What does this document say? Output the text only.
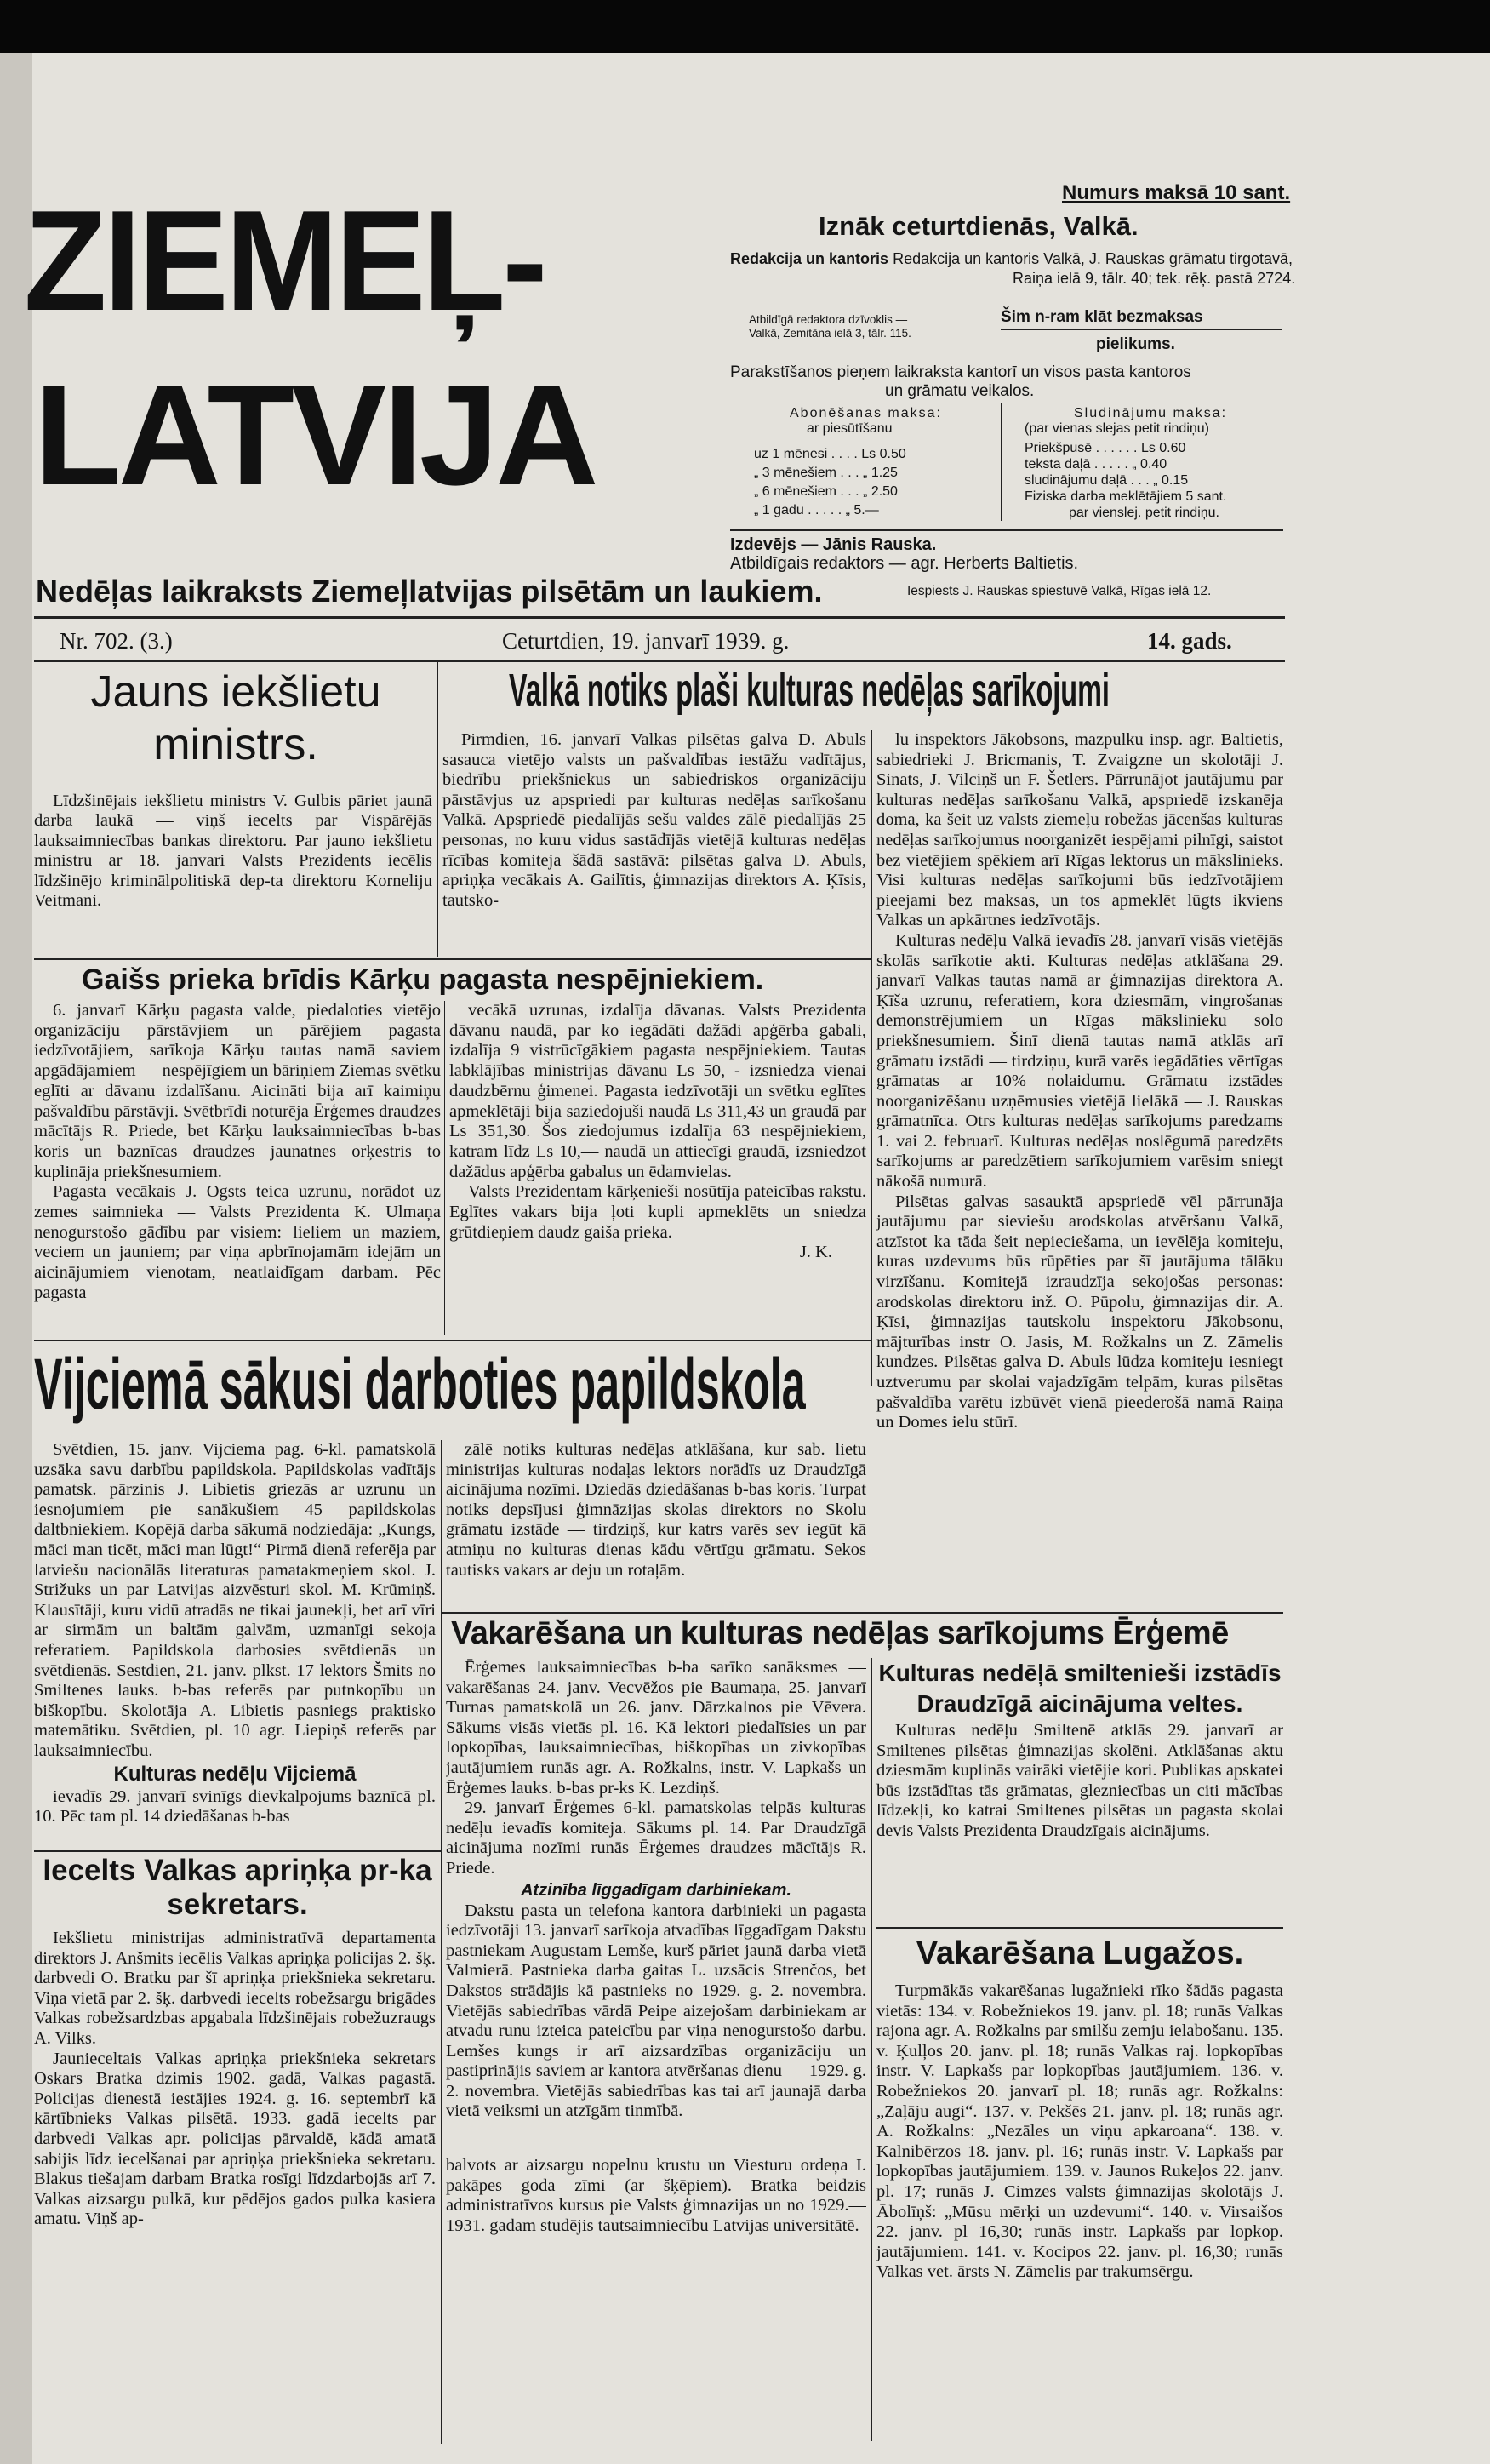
ZIEMEĻ-
LATVIJA
Nedēļas laikraksts Ziemeļlatvijas pilsētām un laukiem.
Numurs maksā 10 sant.
Iznāk ceturtdienās, Valkā.
Redakcija un kantoris Redakcija un kantoris Valkā, J. Rauskas grāmatu tirgotavā,
Raiņa ielā 9, tālr. 40; tek. rēķ. pastā 2724.
Atbildīgā redaktora dzīvoklis —
Valkā, Zemitāna ielā 3, tālr. 115.
Šim n-ram klāt bezmaksas
pielikums.
Parakstīšanos pieņem laikraksta kantorī un visos pasta kantoros
un grāmatu veikalos.
Abonēšanas maksa:
ar piesūtīšanu
uz 1 mēnesi . . . . Ls 0.50
„ 3 mēnešiem . . . „ 1.25
„ 6 mēnešiem . . . „ 2.50
„ 1 gadu . . . . . „ 5.—
Sludinājumu maksa:
(par vienas slejas petit rindiņu)
Priekšpusē . . . . . . Ls 0.60
teksta daļā . . . . . „ 0.40
sludinājumu daļā . . . „ 0.15
Fiziska darba meklētājiem 5 sant.
par vienslej. petit rindiņu.
Izdevējs — Jānis Rauska.
Atbildīgais redaktors — agr. Herberts Baltietis.
Iespiests J. Rauskas spiestuvē Valkā, Rīgas ielā 12.
Nr. 702. (3.)	Ceturtdien, 19. janvarī 1939. g.	14. gads.
Jauns iekšlietu
ministrs.

Līdzšinējais iekšlietu ministrs V. Gulbis pāriet jaunā darba laukā — viņš iecelts par Vispārējās lauksaimniecības bankas direktoru. Par jauno iekšlietu ministru ar 18. janvari Valsts Prezidents iecēlis līdzšinējo kriminālpolitiskā dep-ta direktoru Korneliju Veitmani.

Valkā notiks plaši kulturas nedēļas sarīkojumi

Pirmdien, 16. janvarī Valkas pilsētas galva D. Abuls sasauca vietējo valsts un pašvaldības iestāžu vadītājus, biedrību priekšniekus un sabiedriskos organizāciju pārstāvjus uz apspriedi par kulturas nedēļas sarīkošanu Valkā. Apspriedē piedalījās sešu valdes zālē piedalījās 25 personas, no kuru vidus sastādījās vietējā kulturas nedēļas rīcības komiteja šādā sastāvā: pilsētas galva D. Abuls, apriņķa vecākais A. Gailītis, ģimnazijas direktors A. Ķīsis, tautsko-

lu inspektors Jākobsons, mazpulku insp. agr. Baltietis, sabiedrieki J. Bricmanis, T. Zvaigzne un skolotāji J. Sinats, J. Vilciņš un F. Šetlers. Pārrunājot jautājumu par kulturas nedēļas sarīkošanu Valkā, apspriedē izskanēja doma, ka šeit uz valsts ziemeļu robežas jācenšas kulturas nedēļas sarīkojumus noorganizēt iespējami pilnīgi, saistot bez vietējiem spēkiem arī Rīgas lektorus un mākslinieks. Visi kulturas nedēļas sarīkojumi būs iedzīvotājiem pieejami bez maksas, un tos apmeklēt lūgts ikviens Valkas un apkārtnes iedzīvotājs.

Kulturas nedēļu Valkā ievadīs 28. janvarī visās vietējās skolās sarīkotie akti. Kulturas nedēļas atklāšana 29. janvarī Valkas tautas namā ar ģimnazijas direktora A. Ķīša uzrunu, referatiem, kora dziesmām, vingrošanas demonstrējumiem un Rīgas mākslinieku solo priekšnesumiem. Šinī dienā tautas namā atklās arī grāmatu izstādi — tirdziņu, kurā varēs iegādāties vērtīgas grāmatas ar 10% nolaidumu. Grāmatu izstādes noorganizēšanu uzņēmusies vietējā lielākā — J. Rauskas grāmatnīca. Otrs kulturas nedēļas sarīkojums paredzams 1. vai 2. februarī. Kulturas nedēļas noslēgumā paredzēts sarīkojums ar paredzētiem sarīkojumiem varēsim sniegt nākošā numurā.

Pilsētas galvas sasauktā apspriedē vēl pārrunāja jautājumu par sieviešu arodskolas atvēršanu Valkā, atzīstot ka tāda šeit nepieciešama, un ievēlēja komiteju, kuras uzdevums būs rūpēties par šī jautājuma tālāku virzīšanu. Komitejā izraudzīja sekojošas personas: arodskolas direktoru inž. O. Pūpolu, ģimnazijas dir. A. Ķīsi, ģimnazijas tautskolu inspektoru Jākobsonu, mājturības instr O. Jasis, M. Rožkalns un Z. Zāmelis kundzes. Pilsētas galva D. Abuls lūdza komiteju iesniegt uztverumu par skolai vajadzīgām telpām, kuras pilsētas pašvaldība varētu izbūvēt vienā pieederošā namā Raiņa un Domes ielu stūrī.

Gaišs prieka brīdis Kārķu pagasta nespējniekiem.

6. janvarī Kārķu pagasta valde, piedaloties vietējo organizāciju pārstāvjiem un pārējiem pagasta iedzīvotājiem, sarīkoja Kārķu tautas namā saviem apgādājamiem — nespējīgiem un bāriņiem Ziemas svētku eglīti ar dāvanu izdalīšanu. Aicināti bija arī kaimiņu pašvaldību pārstāvji. Svētbrīdi noturēja Ērģemes draudzes mācītājs R. Priede, bet Kārķu lauksaimniecības b-bas koris un baznīcas draudzes jaunatnes orķestris to kuplināja priekšnesumiem.

Pagasta vecākais J. Ogsts teica uzrunu, norādot uz zemes saimnieka — Valsts Prezidenta K. Ulmaņa nenogurstošo gādību par visiem: lieliem un maziem, veciem un jauniem; par viņa apbrīnojamām idejām un aicinājumiem vienotam, neatlaidīgam darbam. Pēc pagasta

vecākā uzrunas, izdalīja dāvanas. Valsts Prezidenta dāvanu naudā, par ko iegādāti dažādi apģērba gabali, izdalīja 9 vistrūcīgākiem pagasta nespējniekiem. Tautas labklājības ministrijas dāvanu Ls 50, - izsniedza vienai daudzbērnu ģimenei. Pagasta iedzīvotāji un svētku eglītes apmeklētāji bija saziedojuši naudā Ls 311,43 un graudā par Ls 351,30. Šos ziedojumus izdalīja 63 nespējniekiem, katram līdz Ls 10,— naudā un attiecīgi graudā, izsniedzot dažādus apģērba gabalus un ēdamvielas.

Valsts Prezidentam kārķenieši nosūtīja pateicības rakstu. Eglītes vakars bija ļoti kupli apmeklēts un sniedza grūtdieņiem daudz gaiša prieka.

J. K.
Vijciemā sākusi darboties papildskola

Svētdien, 15. janv. Vijciema pag. 6-kl. pamatskolā uzsāka savu darbību papildskola. Papildskolas vadītājs pamatsk. pārzinis J. Libietis griezās ar uzrunu un iesnojumiem pie sanākušiem 45 papildskolas daltbniekiem. Kopējā darba sākumā nodziedāja: „Kungs, māci man ticēt, māci man lūgt!“ Pirmā dienā referēja par latviešu nacionālās literaturas pamatakmeņiem skol. J. Strižuks un par Latvijas aizvēsturi skol. M. Krūmiņš. Klausītāji, kuru vidū atradās ne tikai jaunekļi, bet arī vīri ar sirmām un baltām galvām, uzmanīgi sekoja referatiem. Papildskola darbosies svētdienās un svētdienās. Sestdien, 21. janv. plkst. 17 lektors Šmits no Smiltenes lauks. b-bas referēs par putnkopību un biškopību. Skolotāja A. Libietis pasniegs praktisko matemātiku. Svētdien, pl. 10 agr. Liepiņš referēs par lauksaimniecību.

Kulturas nedēļu Vijciemā

ievadīs 29. janvarī svinīgs dievkalpojums baznīcā pl. 10. Pēc tam pl. 14 dziedāšanas b-bas

zālē notiks kulturas nedēļas atklāšana, kur sab. lietu ministrijas kulturas nodaļas lektors norādīs uz Draudzīgā aicinājuma nozīmi. Dziedās dziedāšanas b-bas koris. Turpat notiks depsījusi ģimnāzijas skolas direktors no Skolu grāmatu izstāde — tirdziņš, kur katrs varēs sev iegūt kā atmiņu no kulturas dienas kādu vērtīgu grāmatu. Sekos tautisks vakars ar deju un rotaļām.

Iecelts Valkas apriņķa pr-ka sekretars.

Iekšlietu ministrijas administratīvā departamenta direktors J. Anšmits iecēlis Valkas apriņķa policijas 2. šķ. darbvedi O. Bratku par šī apriņķa priekšnieka sekretaru. Viņa vietā par 2. šķ. darbvedi iecelts robežsargu brigādes Valkas robežsardzbas apgabala līdzšinējais robežuzraugs A. Vilks.

Jaunieceltais Valkas apriņķa priekšnieka sekretars Oskars Bratka dzimis 1902. gadā, Valkas pagastā. Policijas dienestā iestājies 1924. g. 16. septembrī kā kārtībnieks Valkas pilsētā. 1933. gadā iecelts par darbvedi Valkas apr. policijas pārvaldē, kādā amatā sabijis līdz iecelšanai par apriņķa priekšnieka sekretaru. Blakus tiešajam darbam Bratka rosīgi līdzdarbojās arī 7. Valkas aizsargu pulkā, kur pēdējos gados pulka kasiera amatu. Viņš ap-

Vakarēšana un kulturas nedēļas sarīkojums Ērģemē

Ērģemes lauksaimniecības b-ba sarīko sanāksmes — vakarēšanas 24. janv. Vecvēžos pie Baumaņa, 25. janvarī Turnas pamatskolā un 26. janv. Dārzkalnos pie Vēvera. Sākums visās vietās pl. 16. Kā lektori piedalīsies un par lopkopības, lauksaimniecības, biškopības un zivkopības jautājumiem runās agr. A. Rožkalns, instr. V. Lapkašs un Ērģemes lauks. b-bas pr-ks K. Lezdiņš.

29. janvarī Ērģemes 6-kl. pamatskolas telpās kulturas nedēļu ievadīs komiteja. Sākums pl. 14. Par Draudzīgā aicinājuma nozīmi runās Ērģemes draudzes mācītājs R. Priede.

Atzinība līggadīgam darbiniekam.

Dakstu pasta un telefona kantora darbinieki un pagasta iedzīvotāji 13. janvarī sarīkoja atvadības līggadīgam Dakstu pastniekam Augustam Lemše, kurš pāriet jaunā darba vietā Valmierā. Pastnieka darba gaitas L. uzsācis Strenčos, bet Dakstos strādājis kā pastnieks no 1929. g. 2. novembra. Vietējās sabiedrības vārdā Peipe aizejošam darbiniekam ar atvadu runu izteica pateicību par viņa nenogurstošo darbu. Lemšes kungs ir arī aizsardzības organizāciju un pastiprinājis saviem ar kantora atvēršanas dienu — 1929. g. 2. novembra. Vietējās sabiedrības kas tai arī jaunajā darba vietā veiksmi un atzīgām tinmībā.

balvots ar aizsargu nopelnu krustu un Viesturu ordeņa I. pakāpes goda zīmi (ar šķēpiem). Bratka beidzis administratīvos kursus pie Valsts ģimnazijas un no 1929.—1931. gadam studējis tautsaimniecību Latvijas universitātē.

Kulturas nedēļā smiltenieši izstādīs
Draudzīgā aicinājuma veltes.

Kulturas nedēļu Smiltenē atklās 29. janvarī ar Smiltenes pilsētas ģimnazijas skolēni. Atklāšanas aktu dziesmām kuplinās vairāki vietējie kori. Publikas apskatei būs izstādītas tās grāmatas, glezniecības un citi mācības līdzekļi, ko katrai Smiltenes pilsētas un pagasta skolai devis Valsts Prezidenta Draudzīgais aicinājums.

Vakarēšana Lugažos.

Turpmākās vakarēšanas lugažnieki rīko šādās pagasta vietās: 134. v. Robežniekos 19. janv. pl. 18; runās Valkas rajona agr. A. Rožkalns par smilšu zemju ielabošanu. 135. v. Ķulļos 20. janv. pl. 18; runās Valkas raj. lopkopības instr. V. Lapkašs par lopkopības jautājumiem. 136. v. Robežniekos 20. janvarī pl. 18; runās agr. Rožkalns: „Zaļāju augi“. 137. v. Pekšēs 21. janv. pl. 18; runās agr. A. Rožkalns: „Nezāles un viņu apkaroana“. 138. v. Kalnibērzos 18. janv. pl. 16; runās instr. V. Lapkašs par lopkopības jautājumiem. 139. v. Jaunos Rukeļos 22. janv. pl. 17; runās J. Cimzes valsts ģimnazijas skolotājs J. Ābolīņš: „Mūsu mērķi un uzdevumi“. 140. v. Virsaišos 22. janv. pl 16,30; runās instr. Lapkašs par lopkop. jautājumiem. 141. v. Kocipos 22. janv. pl. 16,30; runās Valkas vet. ārsts N. Zāmelis par trakumsērgu.
